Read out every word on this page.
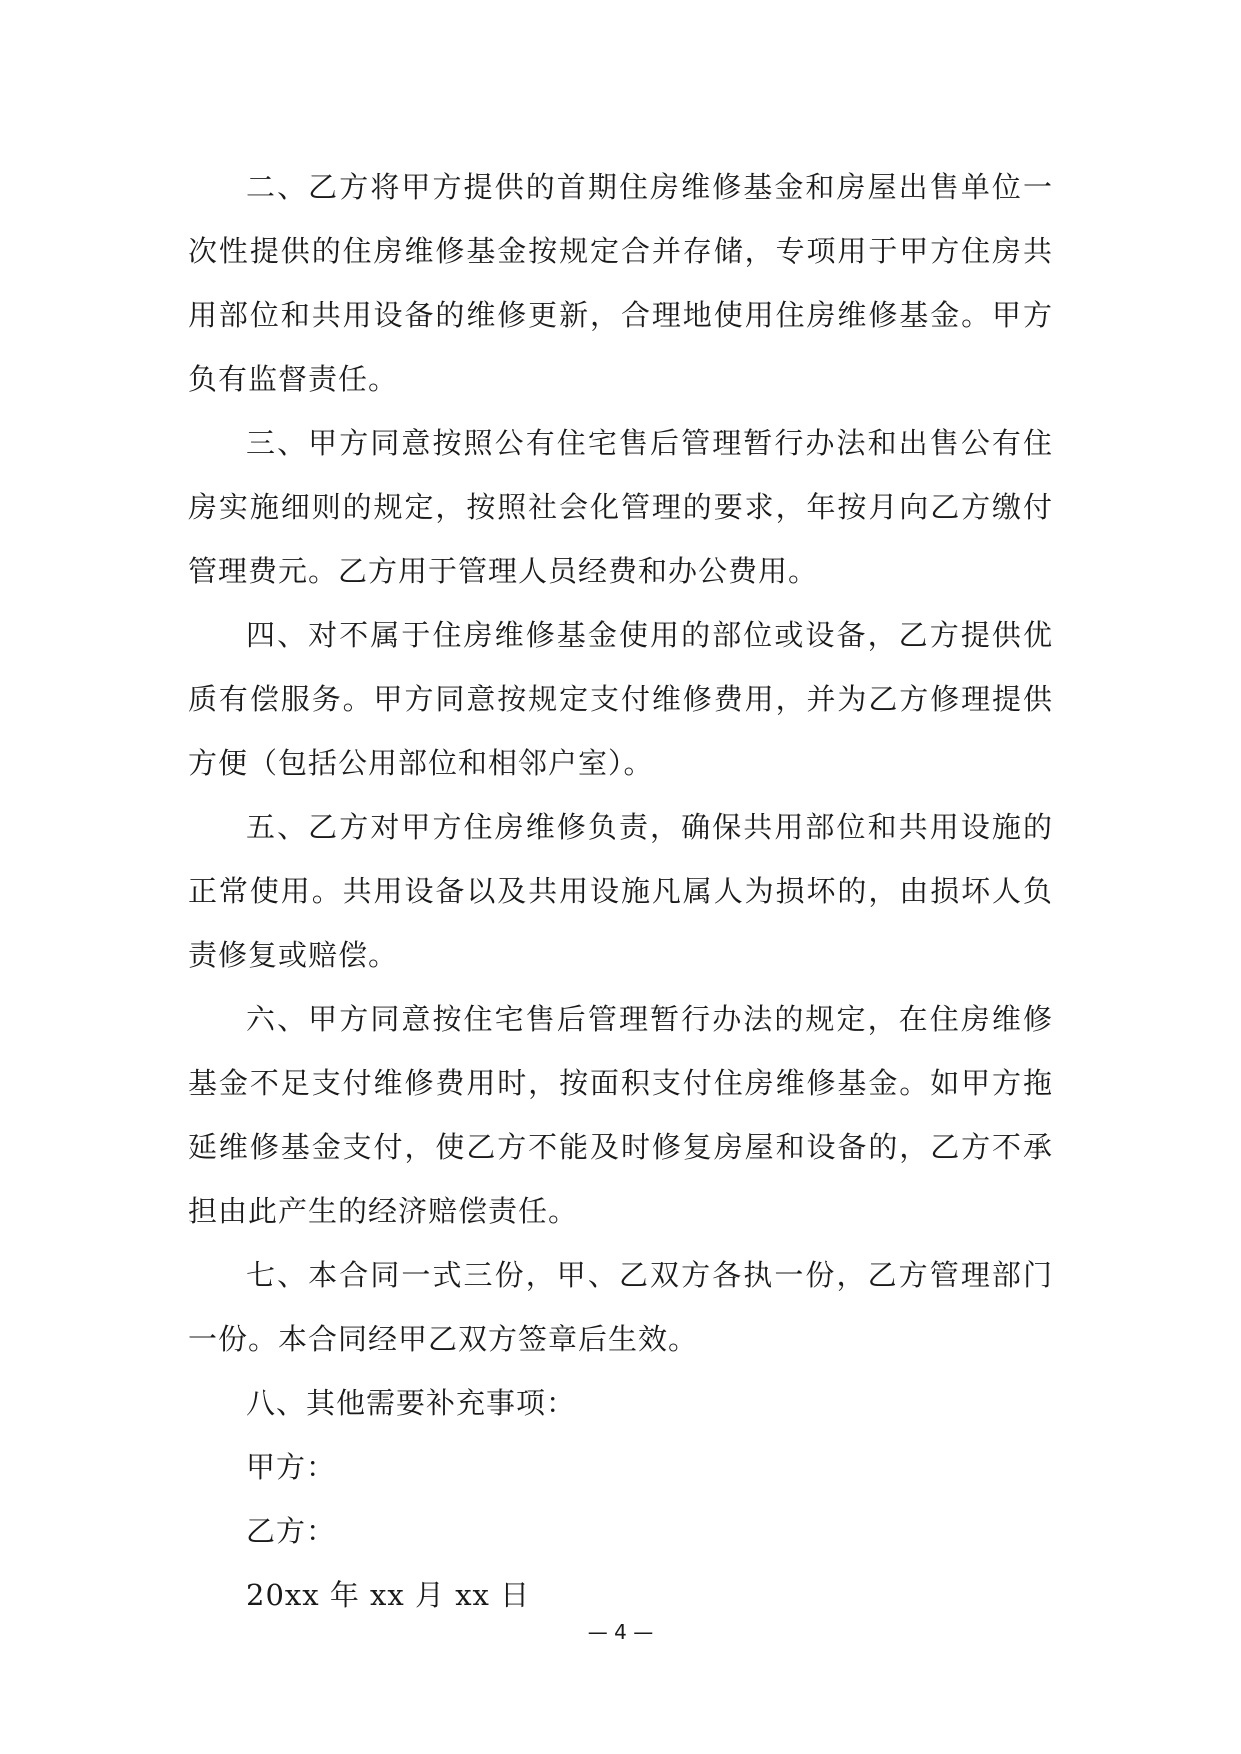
二、乙方将甲方提供的首期住房维修基金和房屋出售单位一次性提供的住房维修基金按规定合并存储，专项用于甲方住房共用部位和共用设备的维修更新，合理地使用住房维修基金。甲方负有监督责任。

三、甲方同意按照公有住宅售后管理暂行办法和出售公有住房实施细则的规定，按照社会化管理的要求，年按月向乙方缴付管理费元。乙方用于管理人员经费和办公费用。

四、对不属于住房维修基金使用的部位或设备，乙方提供优质有偿服务。甲方同意按规定支付维修费用，并为乙方修理提供方便（包括公用部位和相邻户室）。

五、乙方对甲方住房维修负责，确保共用部位和共用设施的正常使用。共用设备以及共用设施凡属人为损坏的，由损坏人负责修复或赔偿。

六、甲方同意按住宅售后管理暂行办法的规定，在住房维修基金不足支付维修费用时，按面积支付住房维修基金。如甲方拖延维修基金支付，使乙方不能及时修复房屋和设备的，乙方不承担由此产生的经济赔偿责任。

七、本合同一式三份，甲、乙双方各执一份，乙方管理部门一份。本合同经甲乙双方签章后生效。

八、其他需要补充事项：

甲方：

乙方：

20xx 年 xx 月 xx 日

— 4 —
